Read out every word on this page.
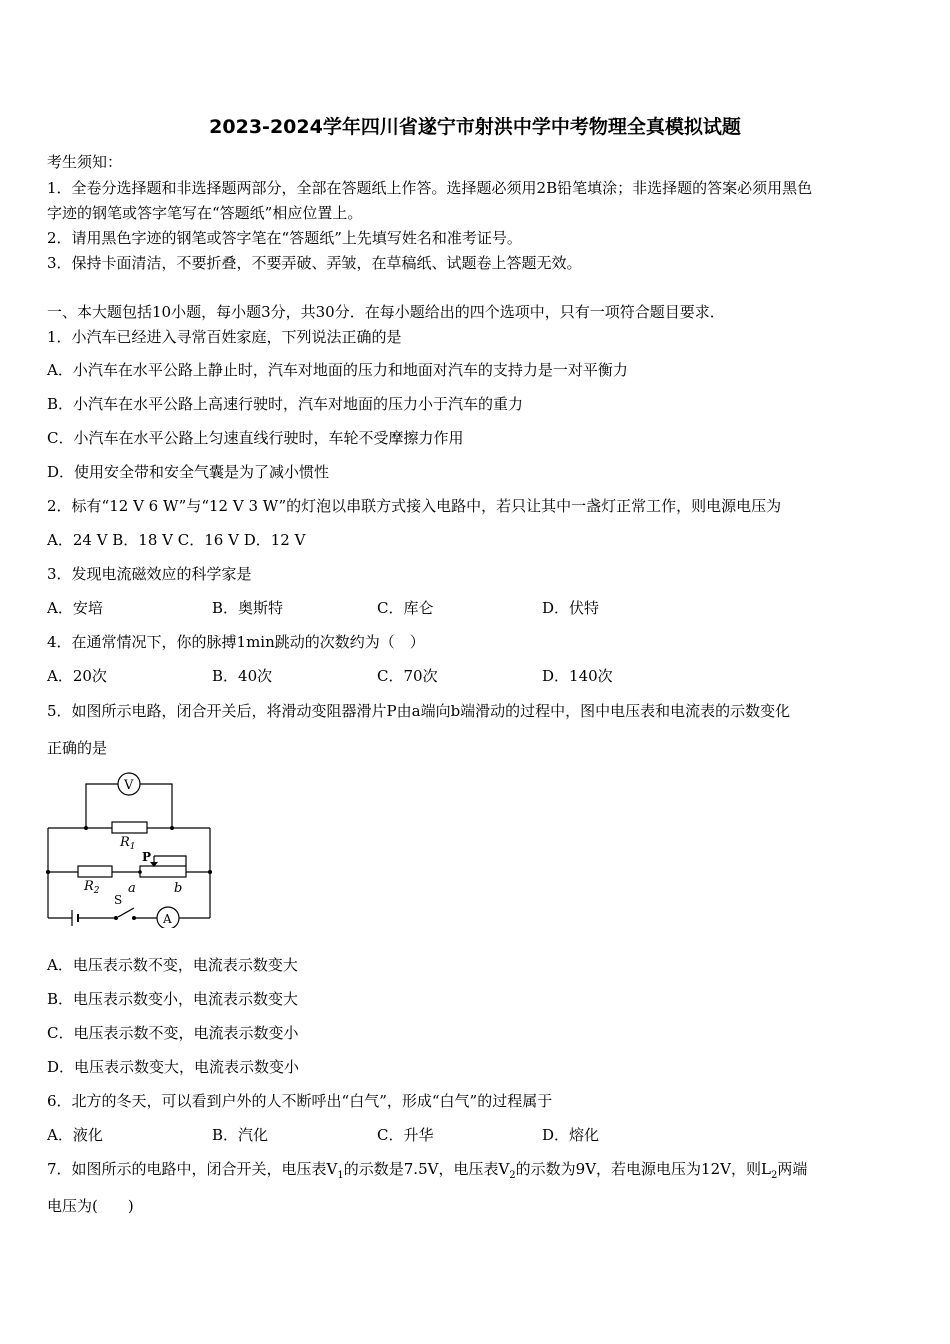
2023-2024学年四川省遂宁市射洪中学中考物理全真模拟试题
考生须知：
1．全卷分选择题和非选择题两部分，全部在答题纸上作答。选择题必须用2B铅笔填涂；非选择题的答案必须用黑色
字迹的钢笔或答字笔写在“答题纸”相应位置上。
2．请用黑色字迹的钢笔或答字笔在“答题纸”上先填写姓名和准考证号。
3．保持卡面清洁，不要折叠，不要弄破、弄皱，在草稿纸、试题卷上答题无效。
一、本大题包括10小题，每小题3分，共30分．在每小题给出的四个选项中，只有一项符合题目要求．
1．小汽车已经进入寻常百姓家庭，下列说法正确的是
A．小汽车在水平公路上静止时，汽车对地面的压力和地面对汽车的支持力是一对平衡力
B．小汽车在水平公路上高速行驶时，汽车对地面的压力小于汽车的重力
C．小汽车在水平公路上匀速直线行驶时，车轮不受摩擦力作用
D．使用安全带和安全气囊是为了减小惯性
2．标有“12 V 6 W”与“12 V 3 W”的灯泡以串联方式接入电路中，若只让其中一盏灯正常工作，则电源电压为
A．24 V B．18 V C．16 V D．12 V
3．发现电流磁效应的科学家是
A．安培	B．奥斯特	C．库仑	D．伏特
4．在通常情况下，你的脉搏1min跳动的次数约为（　）
A．20次	B．40次	C．70次	D．140次
5．如图所示电路，闭合开关后，将滑动变阻器滑片P由a端向b端滑动的过程中，图中电压表和电流表的示数变化
正确的是
V
A
$R_1$
$R_2$
P
a	b
S
A．电压表示数不变，电流表示数变大
B．电压表示数变小，电流表示数变大
C．电压表示数不变，电流表示数变小
D．电压表示数变大，电流表示数变小
6．北方的冬天，可以看到户外的人不断呼出“白气”，形成“白气”的过程属于
A．液化	B．汽化	C．升华	D．熔化
7．如图所示的电路中，闭合开关，电压表$V_1$的示数是7.5V，电压表$V_2$的示数为9V，若电源电压为12V，则$L_2$两端
电压为(　　)
